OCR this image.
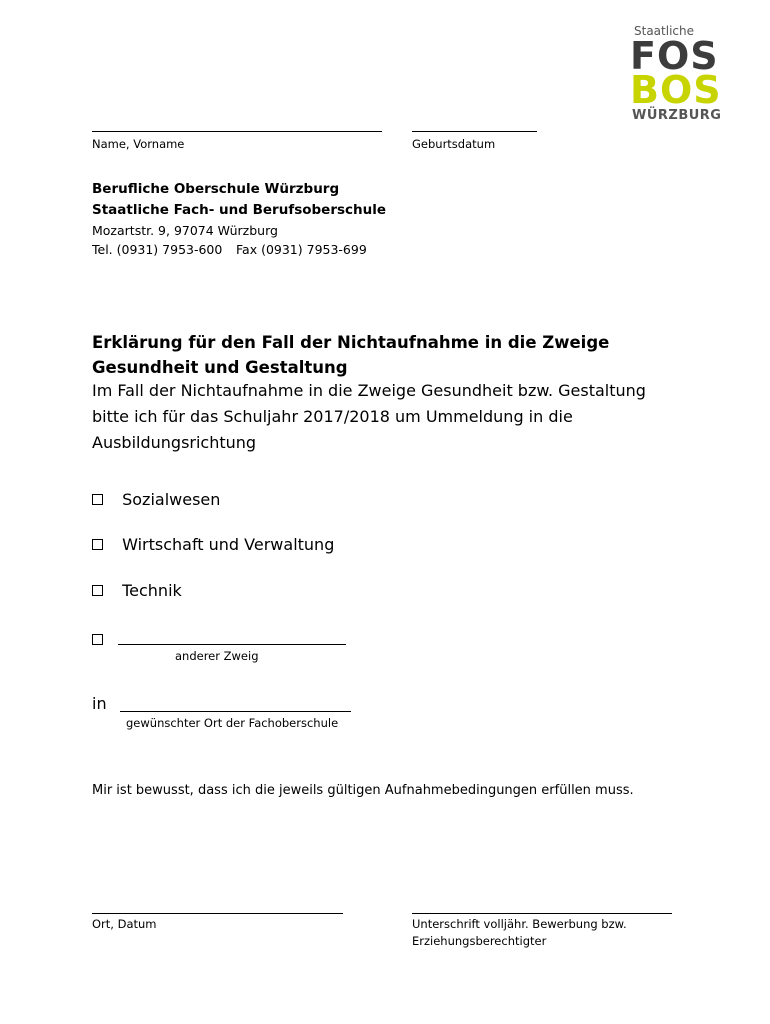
Staatliche
FOS
BOS
WÜRZBURG
Name, Vorname	Geburtsdatum
Berufliche Oberschule Würzburg
Staatliche Fach- und Berufsoberschule
Mozartstr. 9, 97074 Würzburg
Tel. (0931) 7953-600 Fax (0931) 7953-699
Erklärung für den Fall der Nichtaufnahme in die Zweige
Gesundheit und Gestaltung
Im Fall der Nichtaufnahme in die Zweige Gesundheit bzw. Gestaltung
bitte ich für das Schuljahr 2017/2018 um Ummeldung in die
Ausbildungsrichtung
Sozialwesen
Wirtschaft und Verwaltung
Technik
anderer Zweig
in
gewünschter Ort der Fachoberschule
Mir ist bewusst, dass ich die jeweils gültigen Aufnahmebedingungen erfüllen muss.
Ort, Datum	Unterschrift volljähr. Bewerbung bzw.
Erziehungsberechtigter
